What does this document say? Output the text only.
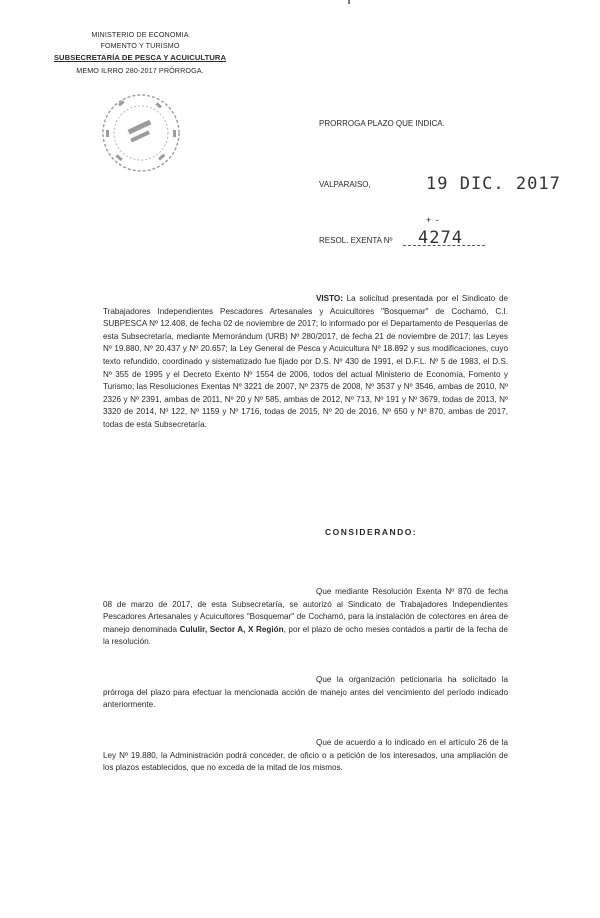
MINISTERIO DE ECONOMIA
FOMENTO Y TURISMO
SUBSECRETARÍA DE PESCA Y ACUICULTURA
MEMO ILRRO 280-2017 PRÓRROGA.
PRORROGA PLAZO QUE INDICA.
VALPARAISO,	19 DIC. 2017
+ -
RESOL. EXENTA Nº 4274
VISTO: La solicitud presentada por el Sindicato de Trabajadores Independientes Pescadores Artesanales y Acuicultores "Bosquemar" de Cochamó, C.I. SUBPESCA Nº 12.408, de fecha 02 de noviembre de 2017; lo informado por el Departamento de Pesquerías de esta Subsecretaría, mediante Memorándum (URB) Nº 280/2017, de fecha 21 de noviembre de 2017; las Leyes Nº 19.880, Nº 20.437 y Nº 20.657; la Ley General de Pesca y Acuicultura Nº 18.892 y sus modificaciones, cuyo texto refundido, coordinado y sistematizado fue fijado por D.S. Nº 430 de 1991, el D.F.L. Nº 5 de 1983, el D.S. Nº 355 de 1995 y el Decreto Exento Nº 1554 de 2006, todos del actual Ministerio de Economía, Fomento y Turismo; las Resoluciones Exentas Nº 3221 de 2007, Nº 2375 de 2008, Nº 3537 y Nº 3546, ambas de 2010, Nº 2326 y Nº 2391, ambas de 2011, Nº 20 y Nº 585, ambas de 2012, Nº 713, Nº 191 y Nº 3679, todas de 2013, Nº 3320 de 2014, Nº 122, Nº 1159 y Nº 1716, todas de 2015, Nº 20 de 2016, Nº 650 y Nº 870, ambas de 2017, todas de esta Subsecretaría.
CONSIDERANDO:
Que mediante Resolución Exenta Nº 870 de fecha 08 de marzo de 2017, de esta Subsecretaría, se autorizó al Sindicato de Trabajadores Independientes Pescadores Artesanales y Acuicultores "Bosquemar" de Cochamó, para la instalación de colectores en área de manejo denominada Cululir, Sector A, X Región, por el plazo de ocho meses contados a partir de la fecha de la resolución.
Que la organización peticionaria ha solicitado la prórroga del plazo para efectuar la mencionada acción de manejo antes del vencimiento del período indicado anteriormente.
Que de acuerdo a lo indicado en el artículo 26 de la Ley Nº 19.880, la Administración podrá conceder, de oficio o a petición de los interesados, una ampliación de los plazos establecidos, que no exceda de la mitad de los mismos.
